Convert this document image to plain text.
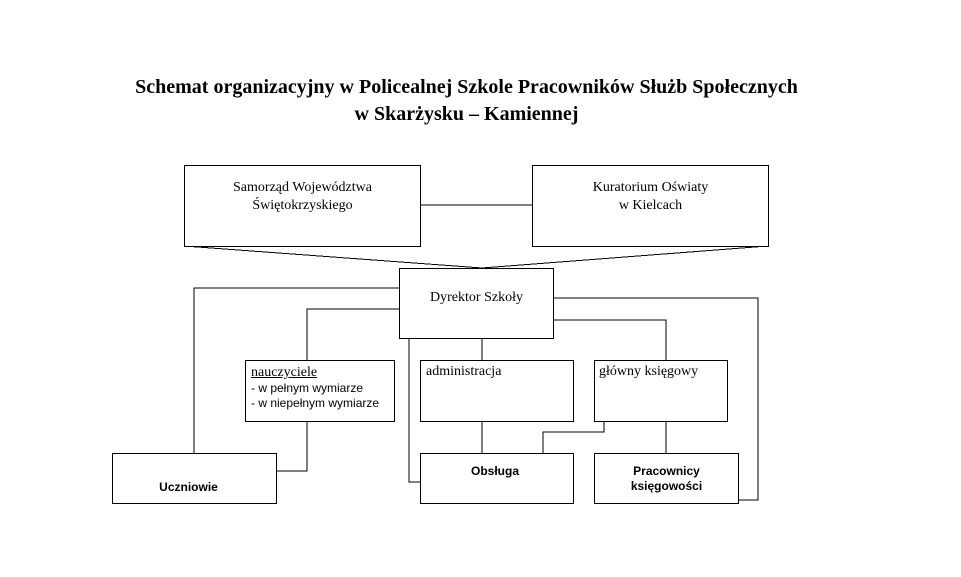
Schemat organizacyjny w Policealnej Szkole Pracowników Służb Społecznych
w Skarżysku – Kamiennej
Samorząd Województwa
Świętokrzyskiego
Kuratorium Oświaty
w Kielcach
Dyrektor Szkoły
nauczyciele
- w pełnym wymiarze
- w niepełnym wymiarze
administracja	główny księgowy
Uczniowie
Obsługa	Pracownicy
księgowości
